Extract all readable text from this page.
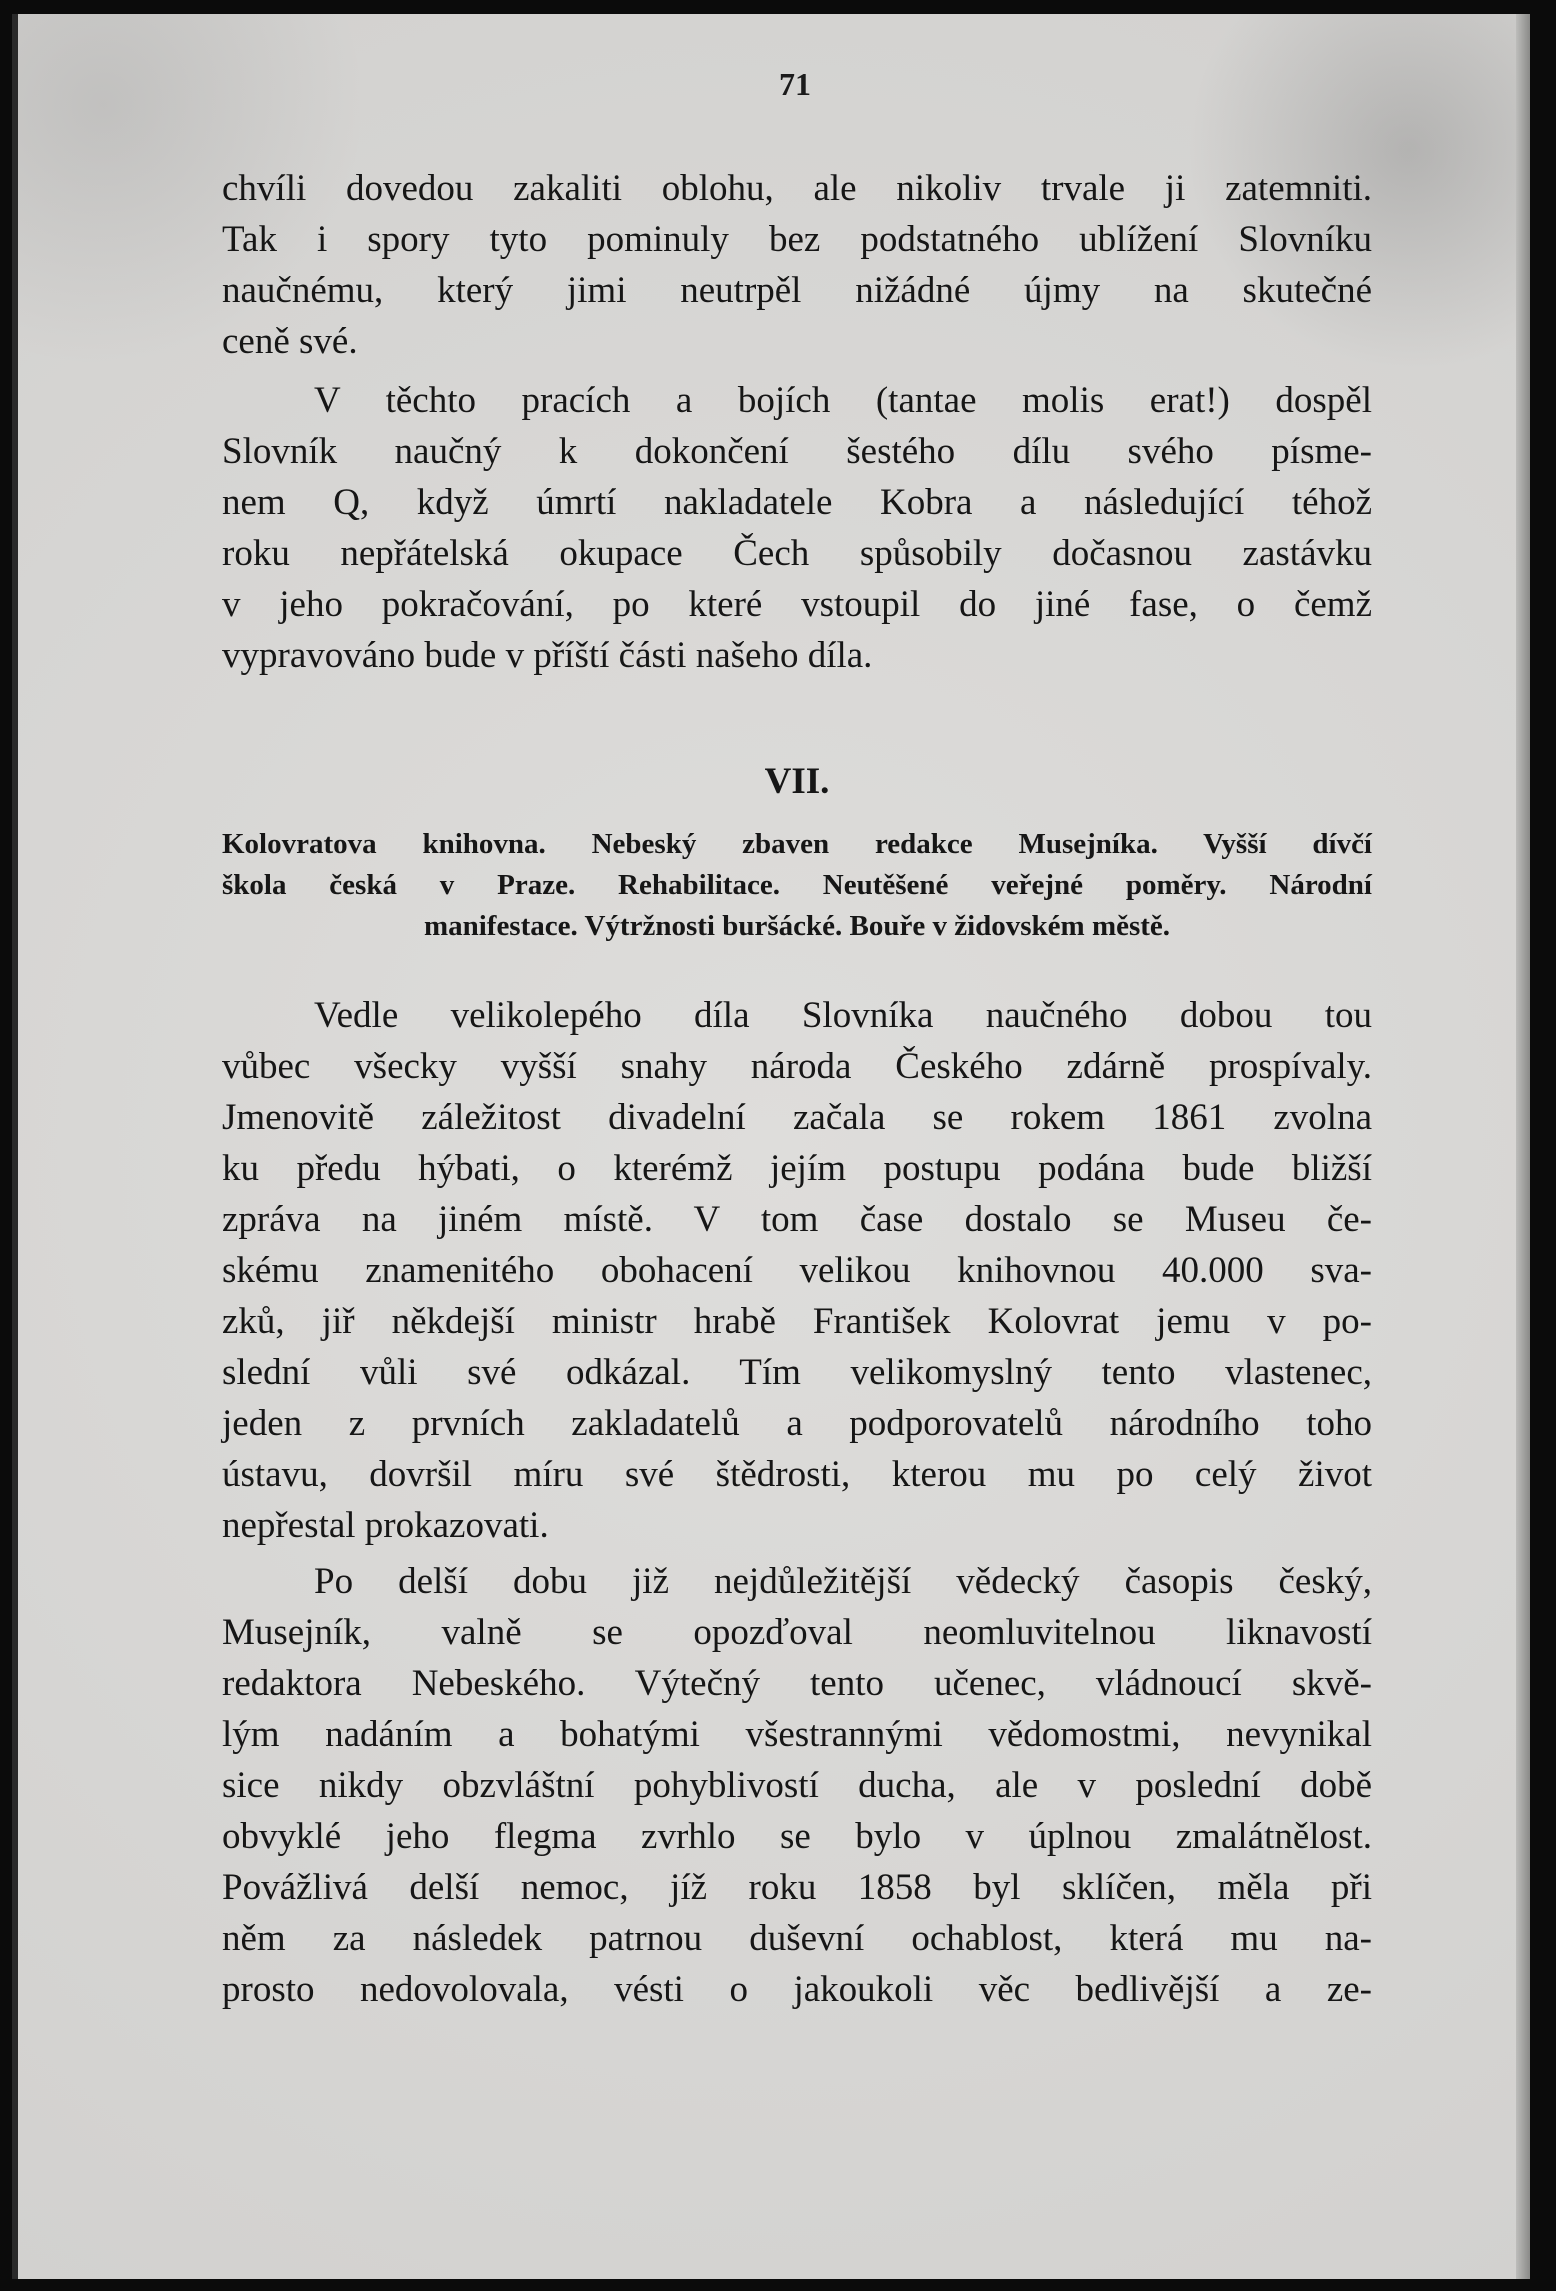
71
chvíli dovedou zakaliti oblohu, ale nikoliv trvale ji zatemniti.
Tak i spory tyto pominuly bez podstatného ublížení Slovníku
naučnému, který jimi neutrpěl nižádné újmy na skutečné
ceně své.
V těchto pracích a bojích (tantae molis erat!) dospěl
Slovník naučný k dokončení šestého dílu svého písme-
nem Q, když úmrtí nakladatele Kobra a následující téhož
roku nepřátelská okupace Čech spůsobily dočasnou zastávku
v jeho pokračování, po které vstoupil do jiné fase, o čemž
vypravováno bude v příští části našeho díla.
VII.
Kolovratova knihovna. Nebeský zbaven redakce Musejníka. Vyšší dívčí
škola česká v Praze. Rehabilitace. Neutěšené veřejné poměry. Národní
manifestace. Výtržnosti buršácké. Bouře v židovském městě.
Vedle velikolepého díla Slovníka naučného dobou tou
vůbec všecky vyšší snahy národa Českého zdárně prospívaly.
Jmenovitě záležitost divadelní začala se rokem 1861 zvolna
ku předu hýbati, o kterémž jejím postupu podána bude bližší
zpráva na jiném místě. V tom čase dostalo se Museu če-
skému znamenitého obohacení velikou knihovnou 40.000 sva-
zků, jiř někdejší ministr hrabě František Kolovrat jemu v po-
slední vůli své odkázal. Tím velikomyslný tento vlastenec,
jeden z prvních zakladatelů a podporovatelů národního toho
ústavu, dovršil míru své štědrosti, kterou mu po celý život
nepřestal prokazovati.
Po delší dobu již nejdůležitější vědecký časopis český,
Musejník, valně se opozďoval neomluvitelnou liknavostí
redaktora Nebeského. Výtečný tento učenec, vládnoucí skvě-
lým nadáním a bohatými všestrannými vědomostmi, nevynikal
sice nikdy obzvláštní pohyblivostí ducha, ale v poslední době
obvyklé jeho flegma zvrhlo se bylo v úplnou zmalátnělost.
Povážlivá delší nemoc, jíž roku 1858 byl sklíčen, měla při
něm za následek patrnou duševní ochablost, která mu na-
prosto nedovolovala, vésti o jakoukoli věc bedlivější a ze-
